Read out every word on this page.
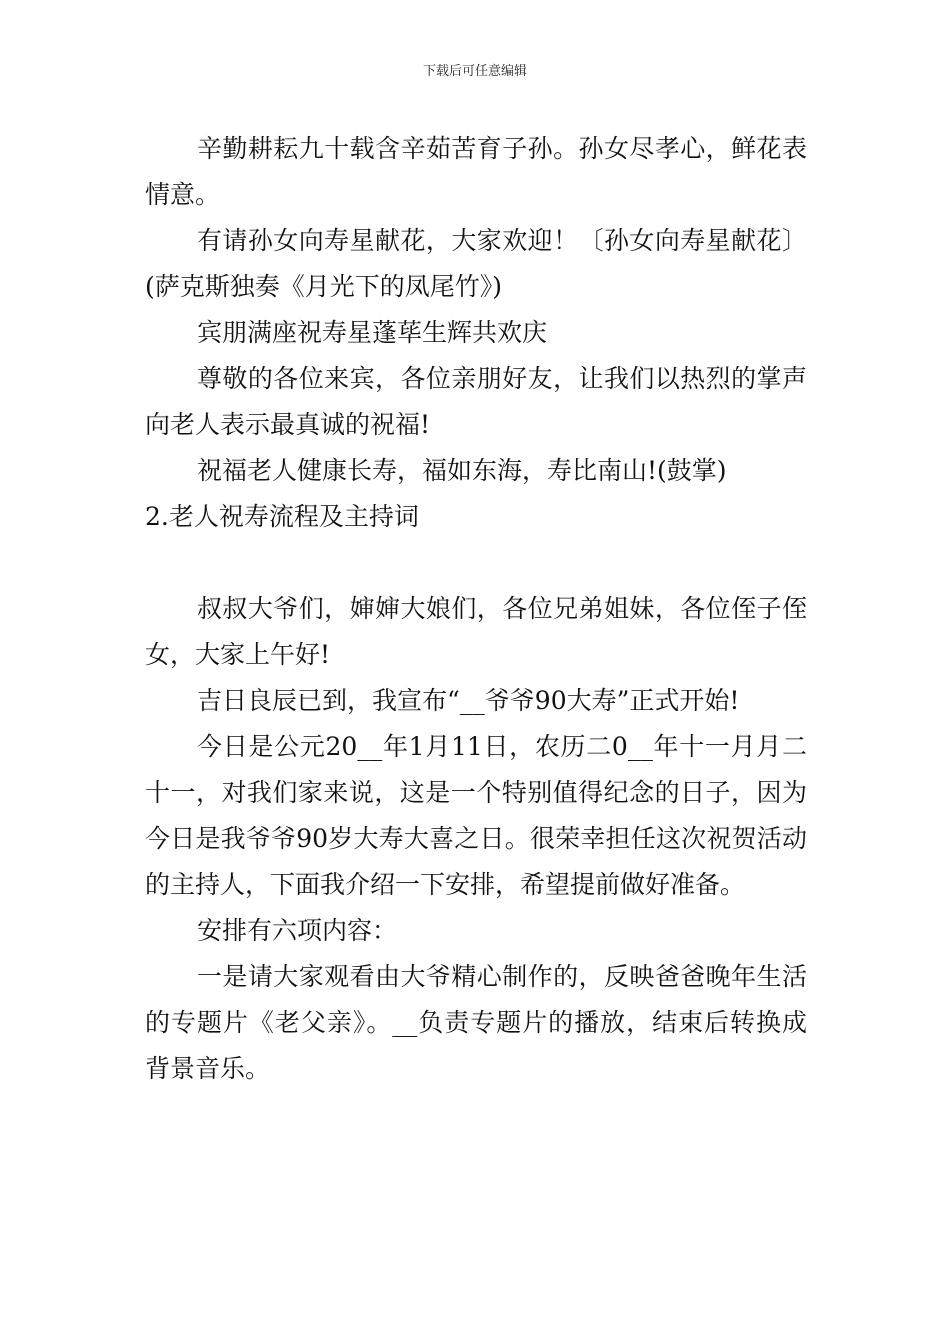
下载后可任意编辑

辛勤耕耘九十载含辛茹苦育子孙。孙女尽孝心，鲜花表情意。

有请孙女向寿星献花，大家欢迎！〔孙女向寿星献花〕(萨克斯独奏《月光下的凤尾竹》)

宾朋满座祝寿星蓬荜生辉共欢庆

尊敬的各位来宾，各位亲朋好友，让我们以热烈的掌声向老人表示最真诚的祝福!

祝福老人健康长寿，福如东海，寿比南山!(鼓掌)

2.老人祝寿流程及主持词

叔叔大爷们，婶婶大娘们，各位兄弟姐妹，各位侄子侄女，大家上午好!

吉日良辰已到，我宣布“__爷爷90大寿”正式开始!

今日是公元20__年1月11日，农历二0__年十一月月二十一，对我们家来说，这是一个特别值得纪念的日子，因为今日是我爷爷90岁大寿大喜之日。很荣幸担任这次祝贺活动的主持人，下面我介绍一下安排，希望提前做好准备。

安排有六项内容：

一是请大家观看由大爷精心制作的，反映爸爸晚年生活的专题片《老父亲》。__负责专题片的播放，结束后转换成背景音乐。
